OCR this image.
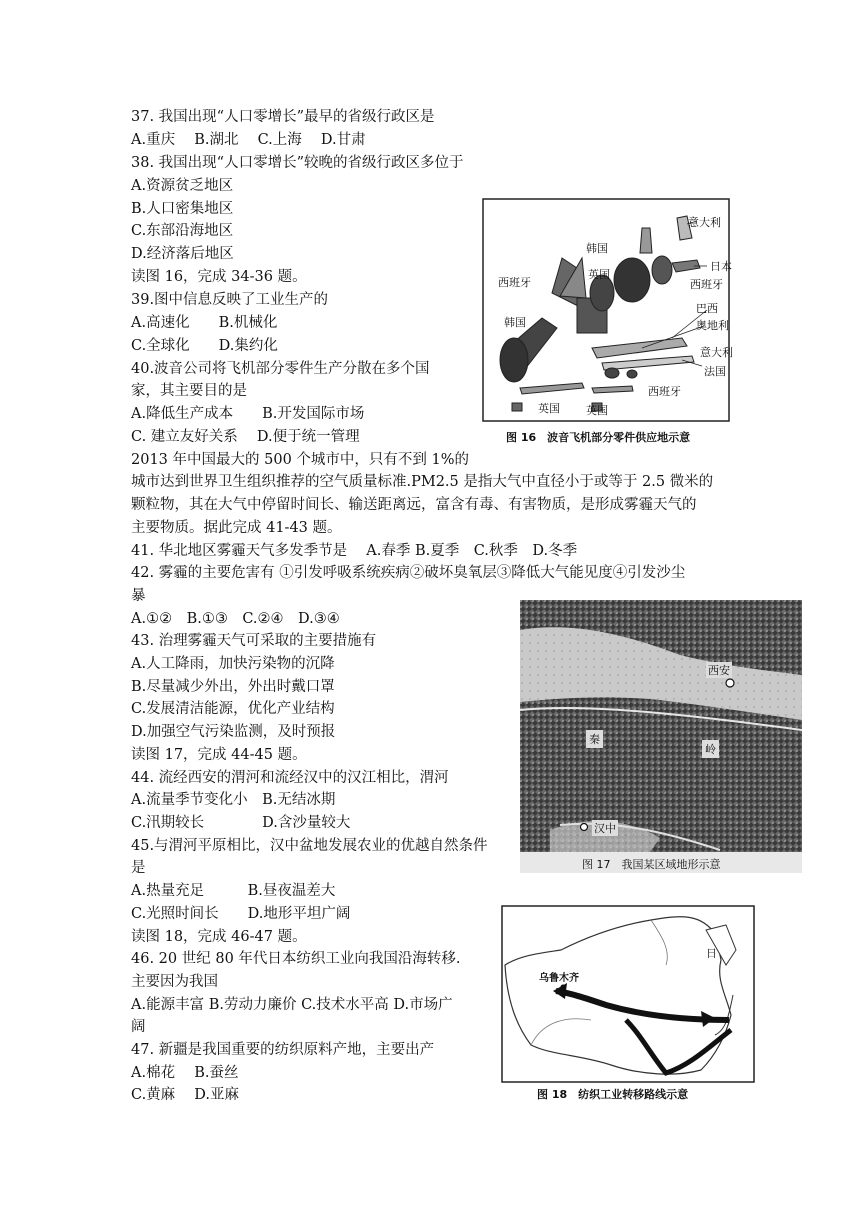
37. 我国出现“人口零增长”最早的省级行政区是
A.重庆　 B.湖北　 C.上海　 D.甘肃
38. 我国出现“人口零增长”较晚的省级行政区多位于
A.资源贫乏地区
B.人口密集地区
C.东部沿海地区
D.经济落后地区
读图 16，完成 34-36 题。
39.图中信息反映了工业生产的
A.高速化　　B.机械化
C.全球化　　D.集约化
40.波音公司将飞机部分零件生产分散在多个国
家，其主要目的是
A.降低生产成本　　B.开发国际市场
C. 建立友好关系　 D.便于统一管理
2013 年中国最大的 500 个城市中，只有不到 1%的
城市达到世界卫生组织推荐的空气质量标准.PM2.5 是指大气中直径小于或等于 2.5 微米的
颗粒物，其在大气中停留时间长、输送距离远，富含有毒、有害物质，是形成雾霾天气的
主要物质。据此完成 41-43 题。
41. 华北地区雾霾天气多发季节是　 A.春季 B.夏季　C.秋季　D.冬季
42. 雾霾的主要危害有 ①引发呼吸系统疾病②破坏臭氧层③降低大气能见度④引发沙尘
暴
A.①②　B.①③　C.②④　D.③④
43. 治理雾霾天气可采取的主要措施有
A.人工降雨，加快污染物的沉降
B.尽量减少外出，外出时戴口罩
C.发展清洁能源，优化产业结构
D.加强空气污染监测，及时预报
读图 17，完成 44-45 题。
44. 流经西安的渭河和流经汉中的汉江相比，渭河
A.流量季节变化小　B.无结冰期
C.汛期较长　　　　D.含沙量较大
45.与渭河平原相比，汉中盆地发展农业的优越自然条件
是
A.热量充足　　　B.昼夜温差大
C.光照时间长　　D.地形平坦广阔
读图 18，完成 46-47 题。
46. 20 世纪 80 年代日本纺织工业向我国沿海转移.
主要因为我国
A.能源丰富 B.劳动力廉价 C.技术水平高 D.市场广
阔
47. 新疆是我国重要的纺织原料产地，主要出产
A.棉花　 B.蚕丝
C.黄麻　 D.亚麻
意大利
韩国
英国
日本
西班牙	西班牙
巴西
奥地利
韩国
意大利
法国
西班牙
英国 英国
图 16　波音飞机部分零件供应地示意
西安
秦
岭
汉中
图 17　我国某区域地形示意
乌鲁木齐
日
图 18　纺织工业转移路线示意
